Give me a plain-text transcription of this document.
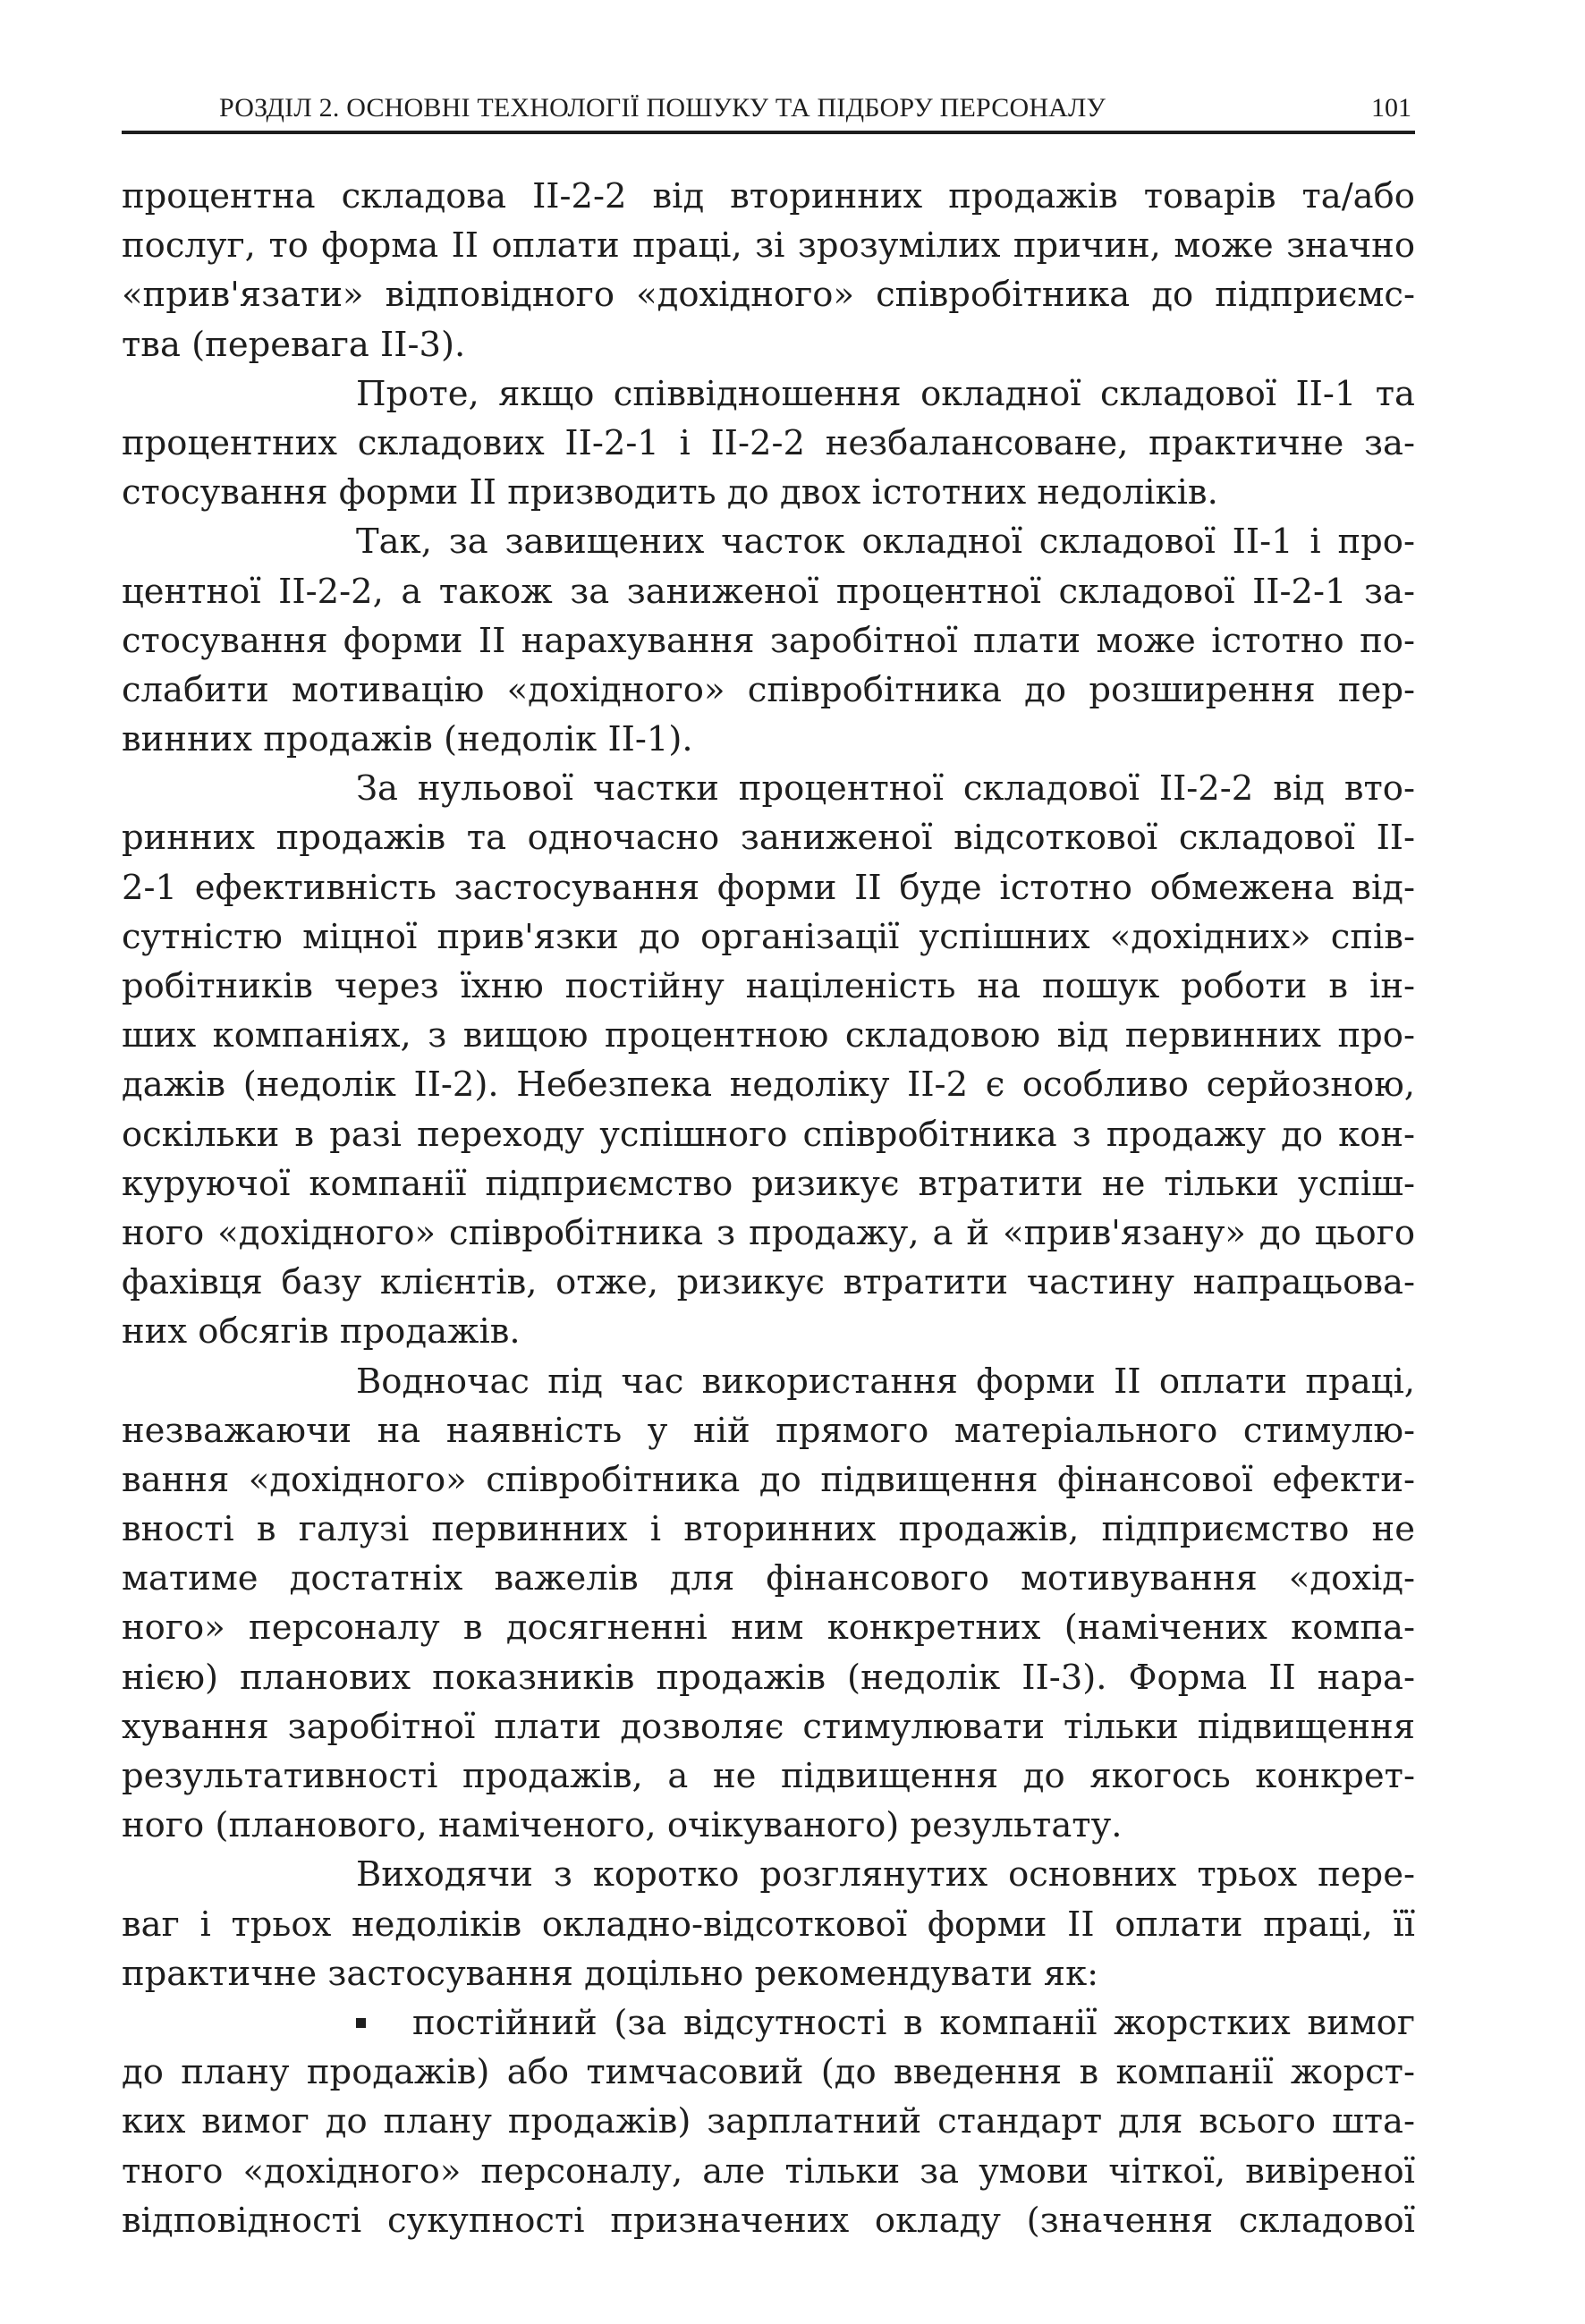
РОЗДІЛ 2. ОСНОВНІ ТЕХНОЛОГІЇ ПОШУКУ ТА ПІДБОРУ ПЕРСОНАЛУ	101
процентна складова ІІ-2-2 від вторинних продажів товарів та/або
послуг, то форма ІІ оплати праці, зі зрозумілих причин, може значно
«прив'язати» відповідного «дохідного» співробітника до підприємс-
тва (перевага ІІ-3).
Проте, якщо співвідношення окладної складової ІІ-1 та
процентних складових ІІ-2-1 і ІІ-2-2 незбалансоване, практичне за-
стосування форми ІІ призводить до двох істотних недоліків.
Так, за завищених часток окладної складової ІІ-1 і про-
центної ІІ-2-2, а також за заниженої процентної складової ІІ-2-1 за-
стосування форми ІІ нарахування заробітної плати може істотно по-
слабити мотивацію «дохідного» співробітника до розширення пер-
винних продажів (недолік ІІ-1).
За нульової частки процентної складової ІІ-2-2 від вто-
ринних продажів та одночасно заниженої відсоткової складової ІІ-
2-1 ефективність застосування форми ІІ буде істотно обмежена від-
сутністю міцної прив'язки до організації успішних «дохідних» спів-
робітників через їхню постійну націленість на пошук роботи в ін-
ших компаніях, з вищою процентною складовою від первинних про-
дажів (недолік ІІ-2). Небезпека недоліку ІІ-2 є особливо серйозною,
оскільки в разі переходу успішного співробітника з продажу до кон-
куруючої компанії підприємство ризикує втратити не тільки успіш-
ного «дохідного» співробітника з продажу, а й «прив'язану» до цього
фахівця базу клієнтів, отже, ризикує втратити частину напрацьова-
них обсягів продажів.
Водночас під час використання форми ІІ оплати праці,
незважаючи на наявність у ній прямого матеріального стимулю-
вання «дохідного» співробітника до підвищення фінансової ефекти-
вності в галузі первинних і вторинних продажів, підприємство не
матиме достатніх важелів для фінансового мотивування «дохід-
ного» персоналу в досягненні ним конкретних (намічених компа-
нією) планових показників продажів (недолік ІІ-3). Форма ІІ нара-
хування заробітної плати дозволяє стимулювати тільки підвищення
результативності продажів, а не підвищення до якогось конкрет-
ного (планового, наміченого, очікуваного) результату.
Виходячи з коротко розглянутих основних трьох пере-
ваг і трьох недоліків окладно-відсоткової форми ІІ оплати праці, її
практичне застосування доцільно рекомендувати як:
постійний (за відсутності в компанії жорстких вимог
до плану продажів) або тимчасовий (до введення в компанії жорст-
ких вимог до плану продажів) зарплатний стандарт для всього шта-
тного «дохідного» персоналу, але тільки за умови чіткої, вивіреної
відповідності сукупності призначених окладу (значення складової
